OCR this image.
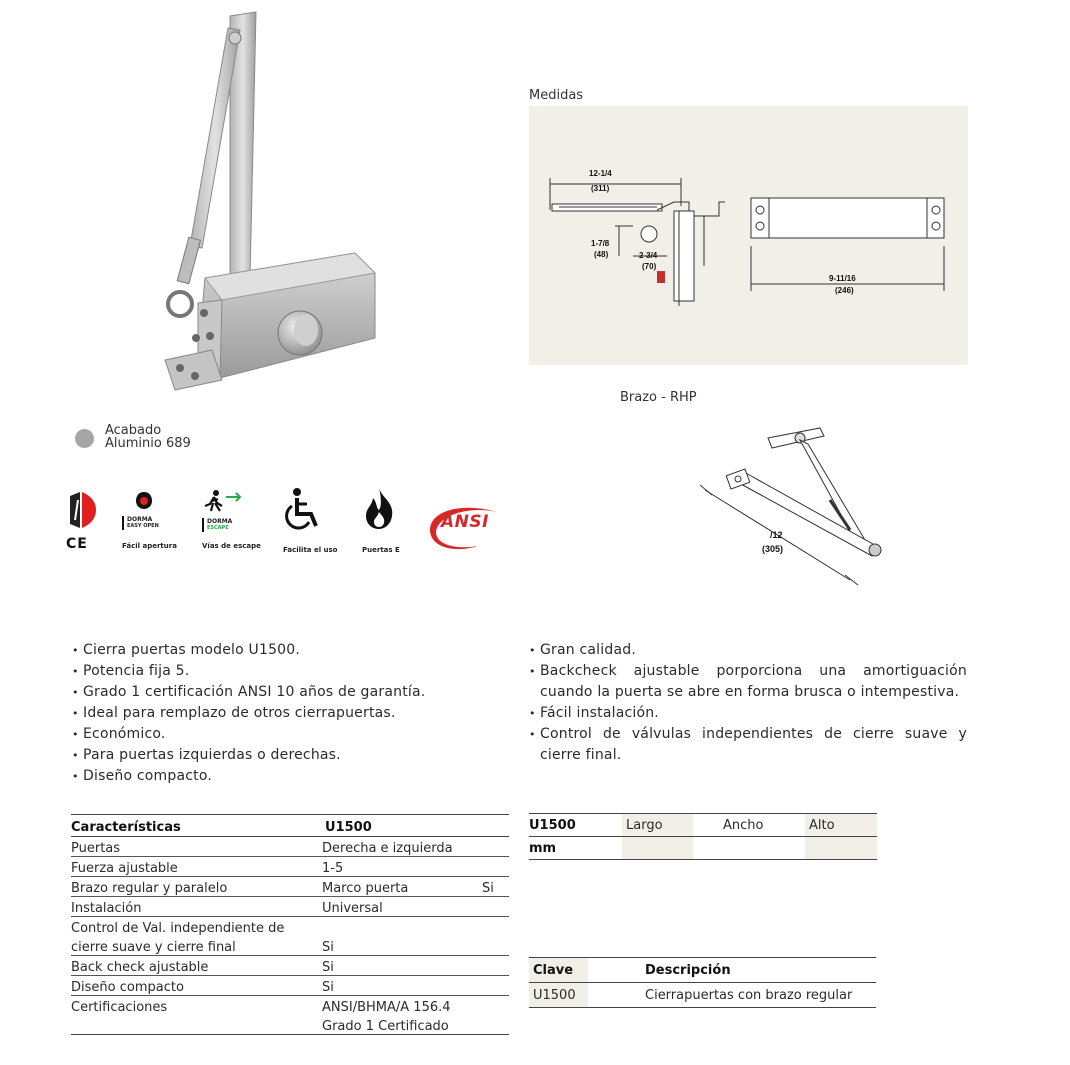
Acabado
Aluminio 689
CE
DORMA
EASY OPEN
Fácil apertura
DORMA
ESCAPE
Vías de escape	Facilita el uso	Puertas E
ANSI
Medidas
12-1/4
(311)
1-7/8
(48)	2-3/4
(70)
9-11/16
(246)
Brazo - RHP
/12
(305)
• Cierra puertas modelo U1500.
• Potencia fija 5.
• Grado 1 certificación ANSI 10 años de garantía.
• Ideal para remplazo de otros cierrapuertas.
• Económico.
• Para puertas izquierdas o derechas.
• Diseño compacto.
• Gran calidad.
• Backcheck ajustable porporciona una amortiguación cuando la puerta se abre en forma brusca o intempestiva.
• Fácil instalación.
• Control de válvulas independientes de cierre suave y cierre final.
Características	U1500	
Puertas	Derecha e izquierda	
Fuerza ajustable	1-5	
Brazo regular y paralelo	Marco puerta	Si
Instalación	Universal	
Control de Val. independiente de		
cierre suave y cierre final	Si	
Back check ajustable	Si	
Diseño compacto	Si	
Certificaciones	ANSI/BHMA/A 156.4	
	Grado 1 Certificado	
U1500	Largo	Ancho	Alto
mm			
Clave	Descripción
U1500	Cierrapuertas con brazo regular
